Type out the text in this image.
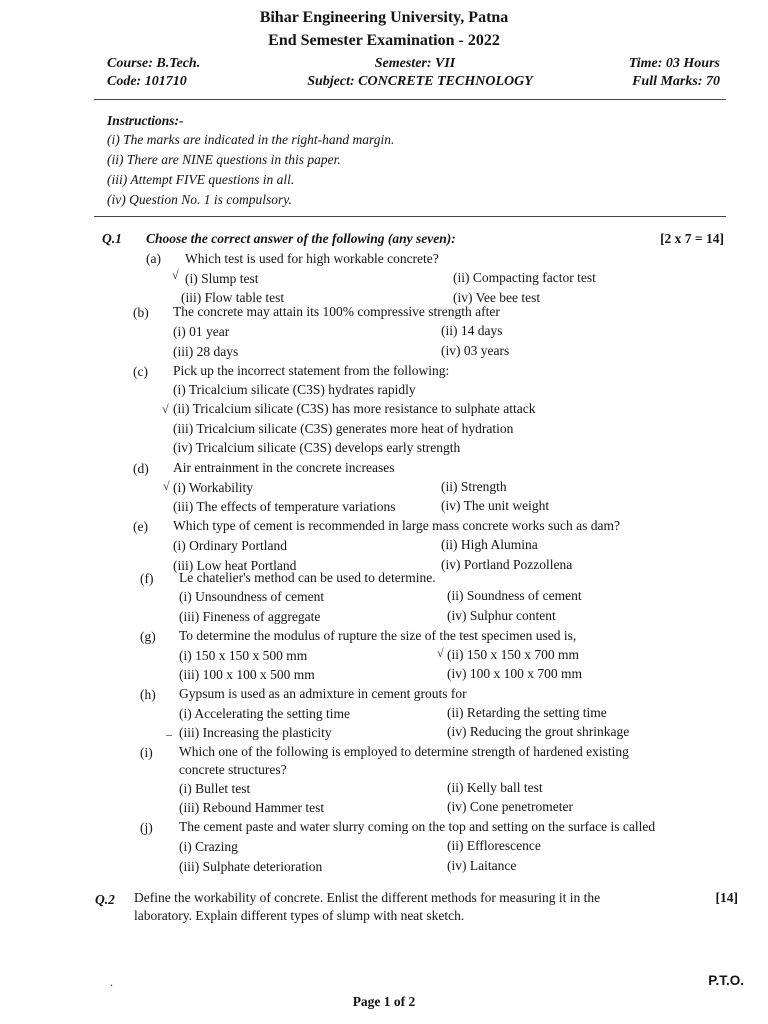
Bihar Engineering University, Patna
End Semester Examination - 2022
Course: B.Tech.	Semester: VII	Time: 03 Hours
Code: 101710	Subject: CONCRETE TECHNOLOGY	Full Marks: 70
Instructions:-
(i) The marks are indicated in the right-hand margin.
(ii) There are NINE questions in this paper.
(iii) Attempt FIVE questions in all.
(iv) Question No. 1 is compulsory.
Q.1 Choose the correct answer of the following (any seven):	[2 x 7 = 14]
(a) Which test is used for high workable concrete?
(i) Slump test	(ii) Compacting factor test
(iii) Flow table test	(iv) Vee bee test
√
(b) The concrete may attain its 100% compressive strength after
(i) 01 year	(ii) 14 days
(iii) 28 days	(iv) 03 years
(c) Pick up the incorrect statement from the following:
(i) Tricalcium silicate (C3S) hydrates rapidly
(ii) Tricalcium silicate (C3S) has more resistance to sulphate attack
(iii) Tricalcium silicate (C3S) generates more heat of hydration
(iv) Tricalcium silicate (C3S) develops early strength
√
(d) Air entrainment in the concrete increases
(i) Workability	(ii) Strength
(iii) The effects of temperature variations	(iv) The unit weight
√
(e) Which type of cement is recommended in large mass concrete works such as dam?
(i) Ordinary Portland	(ii) High Alumina
(iii) Low heat Portland	(iv) Portland Pozzollena
(f) Le chatelier's method can be used to determine.
(i) Unsoundness of cement	(ii) Soundness of cement
(iii) Fineness of aggregate	(iv) Sulphur content
(g) To determine the modulus of rupture the size of the test specimen used is,
(i) 150 x 150 x 500 mm	(ii) 150 x 150 x 700 mm
(iii) 100 x 100 x 500 mm	(iv) 100 x 100 x 700 mm
√
(h) Gypsum is used as an admixture in cement grouts for
(i) Accelerating the setting time	(ii) Retarding the setting time
(iii) Increasing the plasticity	(iv) Reducing the grout shrinkage
–
(i) Which one of the following is employed to determine strength of hardened existing
concrete structures?
(i) Bullet test	(ii) Kelly ball test
(iii) Rebound Hammer test	(iv) Cone penetrometer
(j) The cement paste and water slurry coming on the top and setting on the surface is called
(i) Crazing	(ii) Efflorescence
(iii) Sulphate deterioration	(iv) Laitance
Q.2 Define the workability of concrete. Enlist the different methods for measuring it in the
laboratory. Explain different types of slump with neat sketch.
[14]
.	P.T.O.
Page 1 of 2
